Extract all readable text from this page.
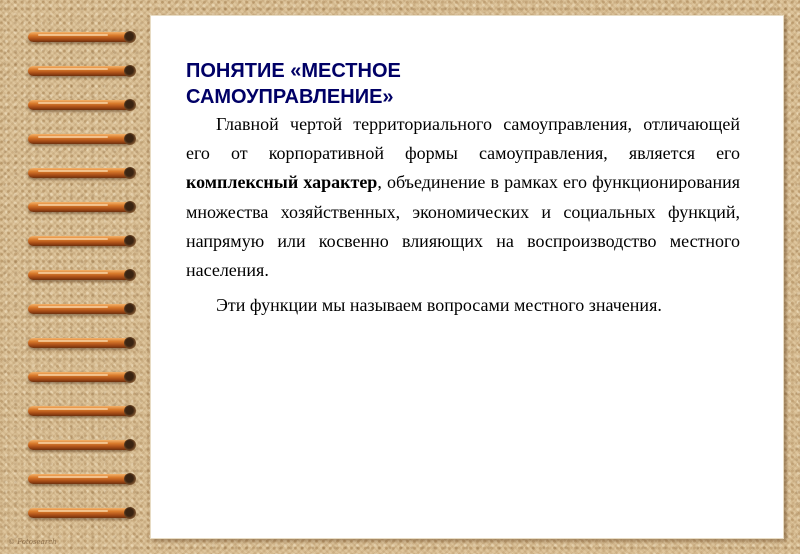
© Fotosearch
ПОНЯТИЕ «МЕСТНОЕ
САМОУПРАВЛЕНИЕ»

Главной чертой территориального самоуправления, отличающей его от корпоративной формы самоуправления, является его комплексный характер, объединение в рамках его функционирования множества хозяйственных, экономических и социальных функций, напрямую или косвенно влияющих на воспроизводство местного населения.

Эти функции мы называем вопросами местного значения.
